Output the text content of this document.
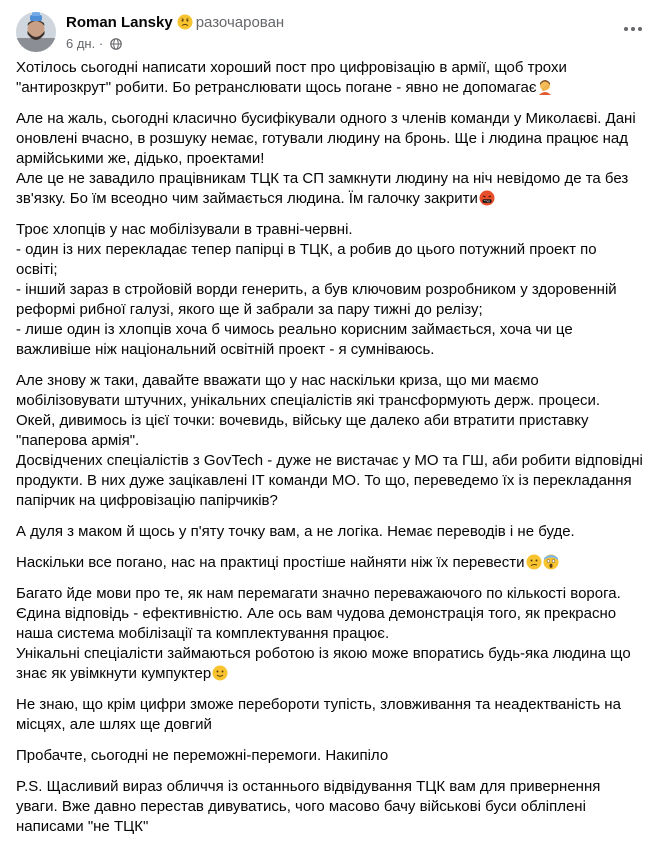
Roman Lansky разочарован
6 дн. ·

Хотілось сьогодні написати хороший пост про цифровізацію в армії, щоб трохи
"антирозкрут" робити. Бо ретранслювати щось погане - явно не допомагає

Але на жаль, сьогодні класично бусифікували одного з членів команди у Миколаєві. Дані
оновлені вчасно, в розшуку немає, готували людину на бронь. Ще і людина працює над
армійськими же, дідько, проектами!
Але це не завадило працівникам ТЦК та СП замкнути людину на ніч невідомо де та без
зв'язку. Бо їм всеодно чим займається людина. Їм галочку закрити

Троє хлопців у нас мобілізували в травні-червні.
- один із них перекладає тепер папірці в ТЦК, а робив до цього потужний проект по
освіті;
- інший зараз в стройовій ворди генерить, а був ключовим розробником у здоровенній
реформі рибної галузі, якого ще й забрали за пару тижні до релізу;
- лише один із хлопців хоча б чимось реально корисним займається, хоча чи це
важливіше ніж національний освітній проект - я сумніваюсь.

Але знову ж таки, давайте вважати що у нас наскільки криза, що ми маємо
мобілізовувати штучних, унікальних спеціалістів які трансформують держ. процеси.
Окей, дивимось із цієї точки: вочевидь, війську ще далеко аби втратити приставку
"паперова армія".
Досвідчених спеціалістів з GovTech - дуже не вистачає у МО та ГШ, аби робити відповідні
продукти. В них дуже зацікавлені IT команди МО. То що, переведемо їх із перекладання
папірчик на цифровізацію папірчиків?

А дуля з маком й щось у п'яту точку вам, а не логіка. Немає переводів і не буде.

Наскільки все погано, нас на практиці простіше найняти ніж їх перевести

Багато йде мови про те, як нам перемагати значно переважаючого по кількості ворога.
Єдина відповідь - ефективністю. Але ось вам чудова демонстрація того, як прекрасно
наша система мобілізації та комплектування працює.
Унікальні спеціалісти займаються роботою із якою може впоратись будь-яка людина що
знає як увімкнути кумпуктер

Не знаю, що крім цифри зможе перебороти тупість, зловживання та неадектваність на
місцях, але шлях ще довгий

Пробачте, сьогодні не переможні-перемоги. Накипіло

P.S. Щасливий вираз обличчя із останнього відвідування ТЦК вам для привернення
уваги. Вже давно перестав дивуватись, чого масово бачу військові буси обліплені
написами "не ТЦК"
